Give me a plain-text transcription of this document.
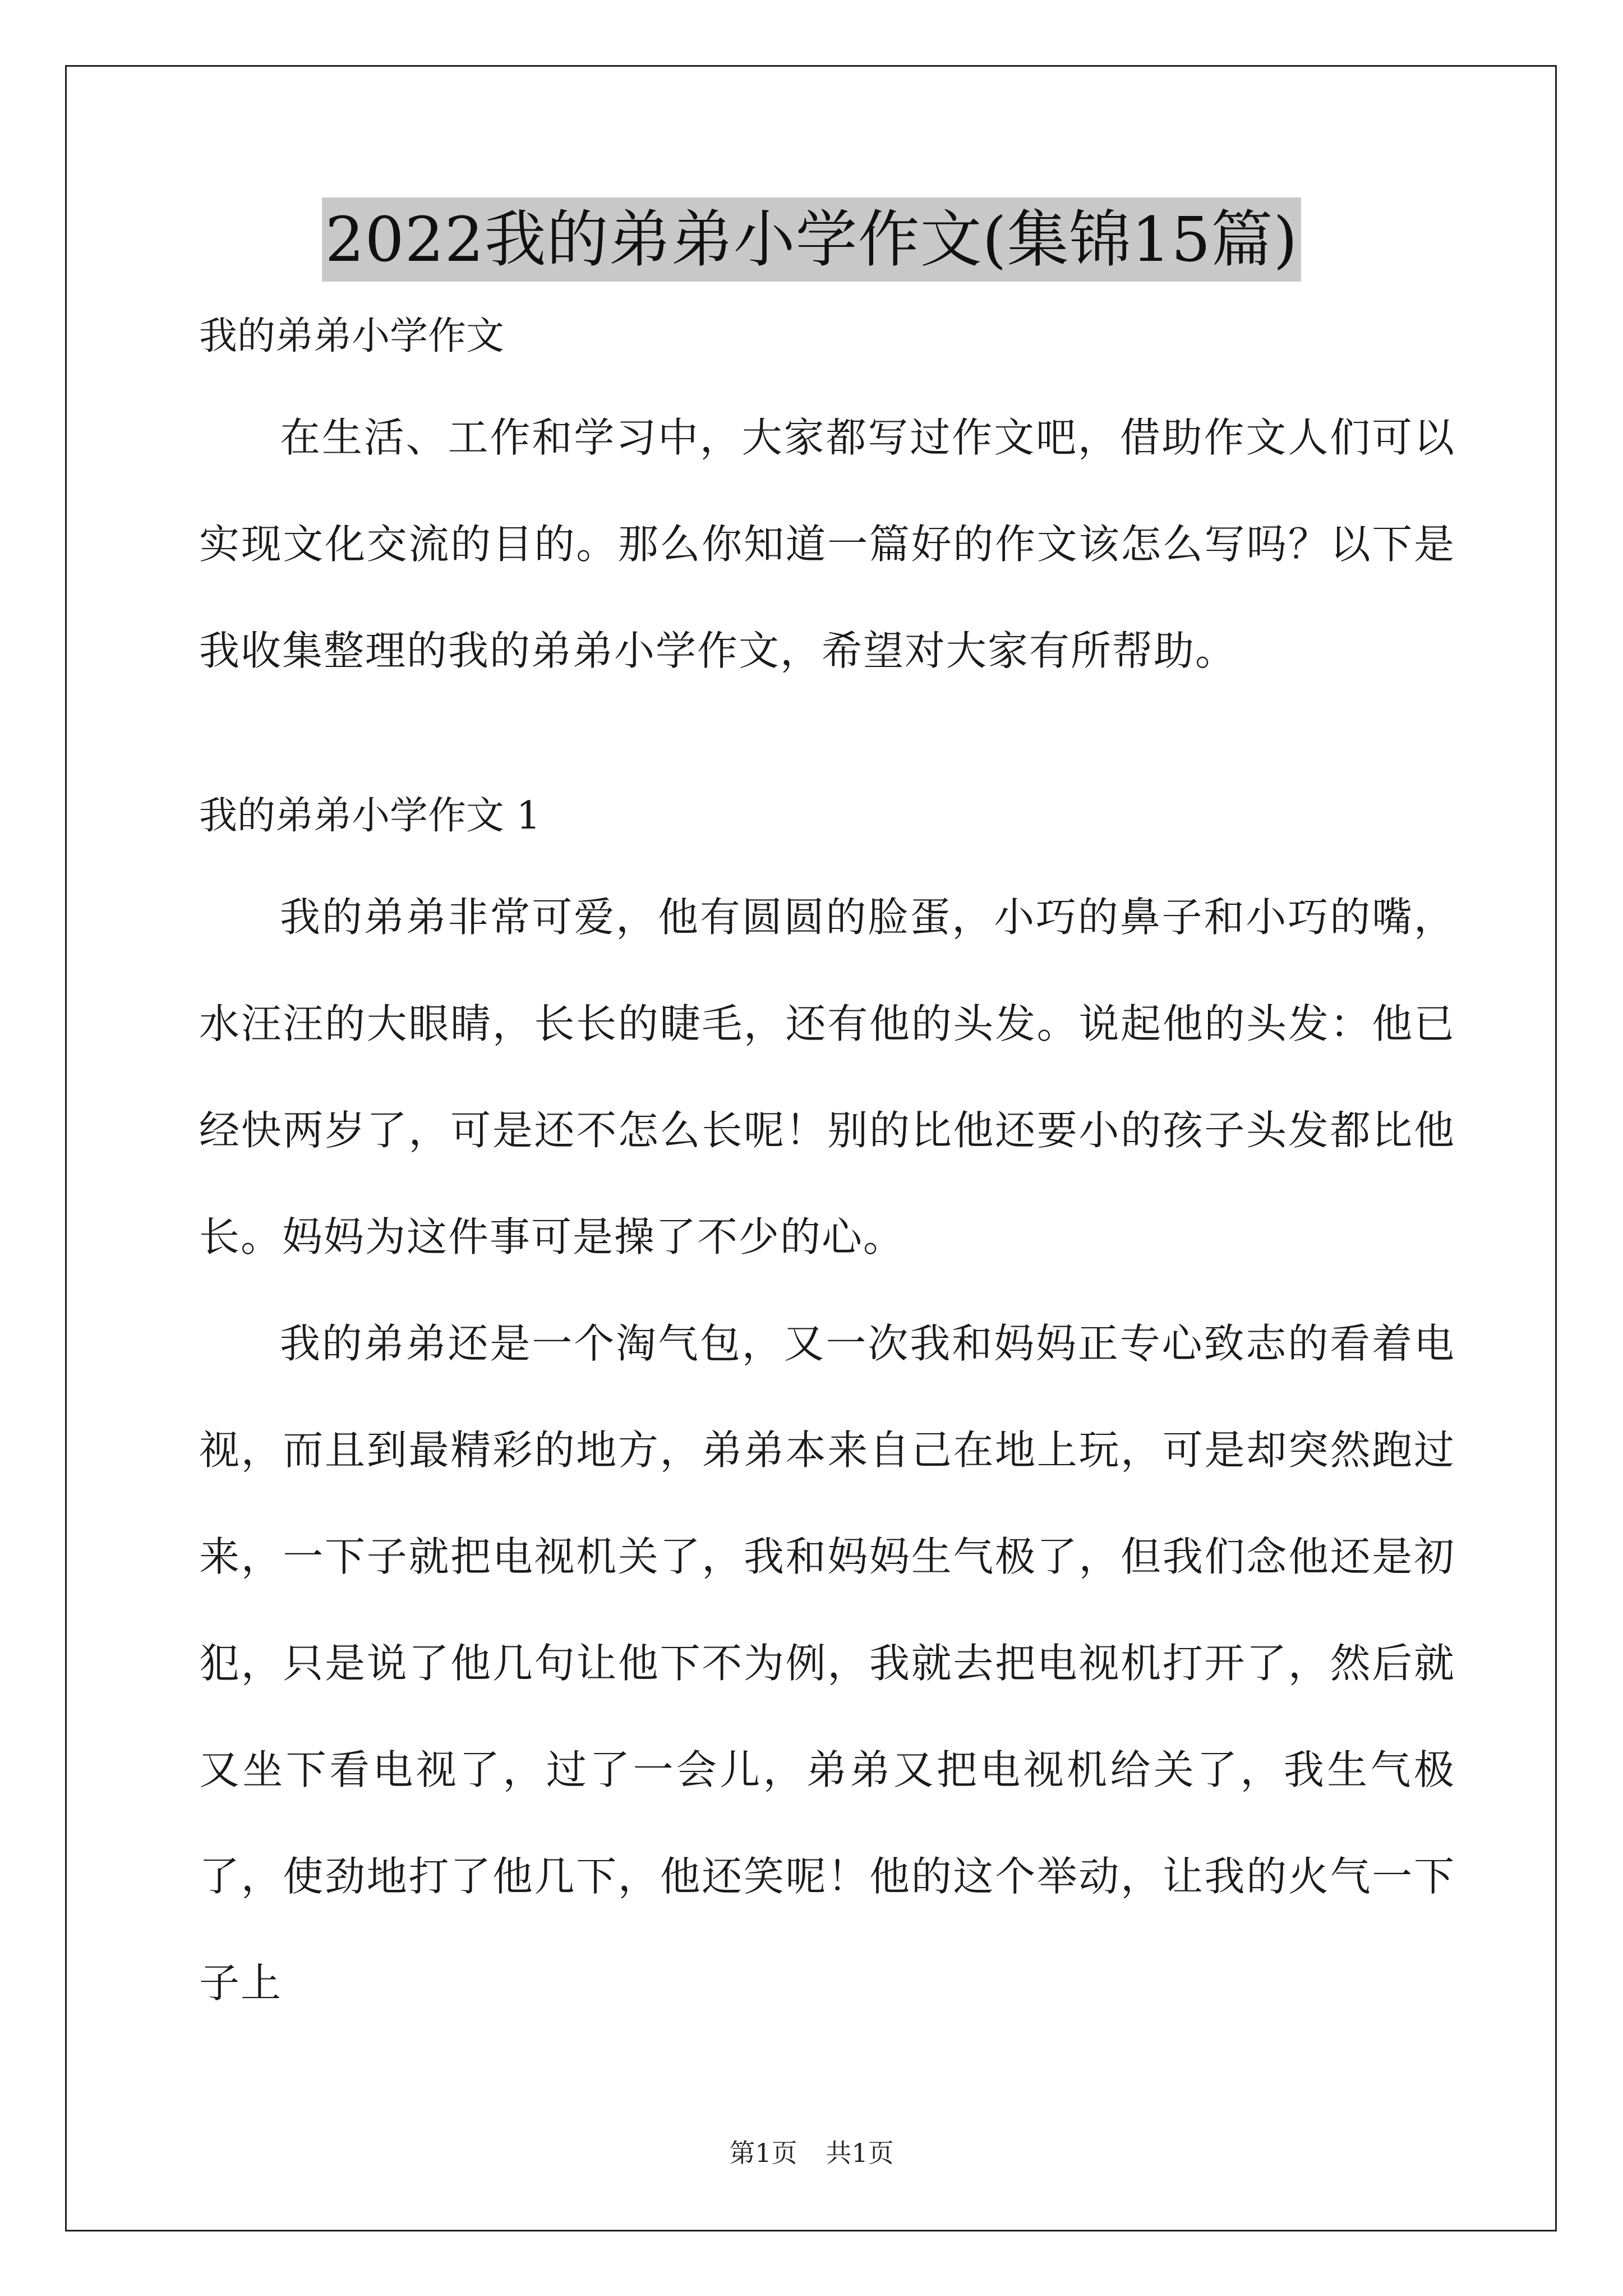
2022我的弟弟小学作文(集锦15篇)

我的弟弟小学作文

在生活、工作和学习中，大家都写过作文吧，借助作文人们可以实现文化交流的目的。那么你知道一篇好的作文该怎么写吗？以下是我收集整理的我的弟弟小学作文，希望对大家有所帮助。

我的弟弟小学作文 1

我的弟弟非常可爱，他有圆圆的脸蛋，小巧的鼻子和小巧的嘴，水汪汪的大眼睛，长长的睫毛，还有他的头发。说起他的头发：他已经快两岁了，可是还不怎么长呢！别的比他还要小的孩子头发都比他长。妈妈为这件事可是操了不少的心。

我的弟弟还是一个淘气包，又一次我和妈妈正专心致志的看着电视，而且到最精彩的地方，弟弟本来自己在地上玩，可是却突然跑过来，一下子就把电视机关了，我和妈妈生气极了，但我们念他还是初犯，只是说了他几句让他下不为例，我就去把电视机打开了，然后就又坐下看电视了，过了一会儿，弟弟又把电视机给关了，我生气极了，使劲地打了他几下，他还笑呢！他的这个举动，让我的火气一下子上

第1页 共1页
